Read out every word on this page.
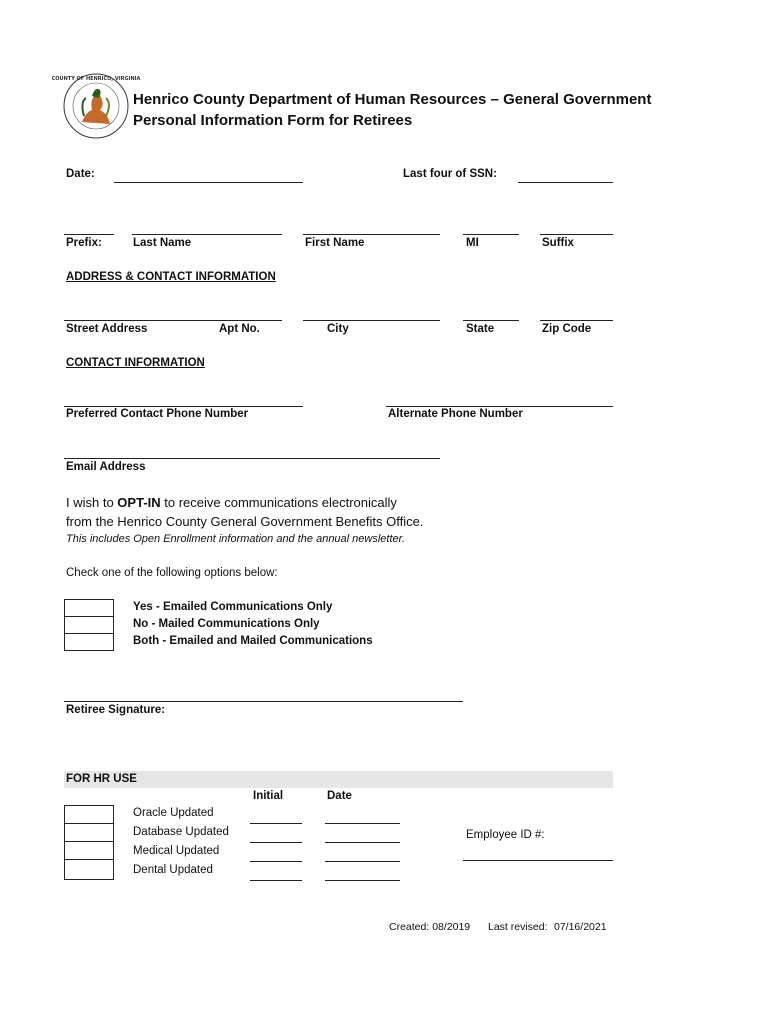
COUNTY OF HENRICO, VIRGINIA
Henrico County Department of Human Resources – General Government
Personal Information Form for Retirees
Date:	Last four of SSN:
Prefix:	Last Name	First Name	MI	Suffix
ADDRESS & CONTACT INFORMATION
Street Address	Apt No.	City	State	Zip Code
CONTACT INFORMATION
Preferred Contact Phone Number	Alternate Phone Number
Email Address
I wish to OPT-IN to receive communications electronically
from the Henrico County General Government Benefits Office.
This includes Open Enrollment information and the annual newsletter.
Check one of the following options below:
Yes - Emailed Communications Only
No - Mailed Communications Only
Both - Emailed and Mailed Communications
Retiree Signature:
FOR HR USE
Initial	Date
Oracle Updated
Database Updated
Medical Updated
Dental Updated
Employee ID #:
Created: 08/2019 Last revised: 07/16/2021
